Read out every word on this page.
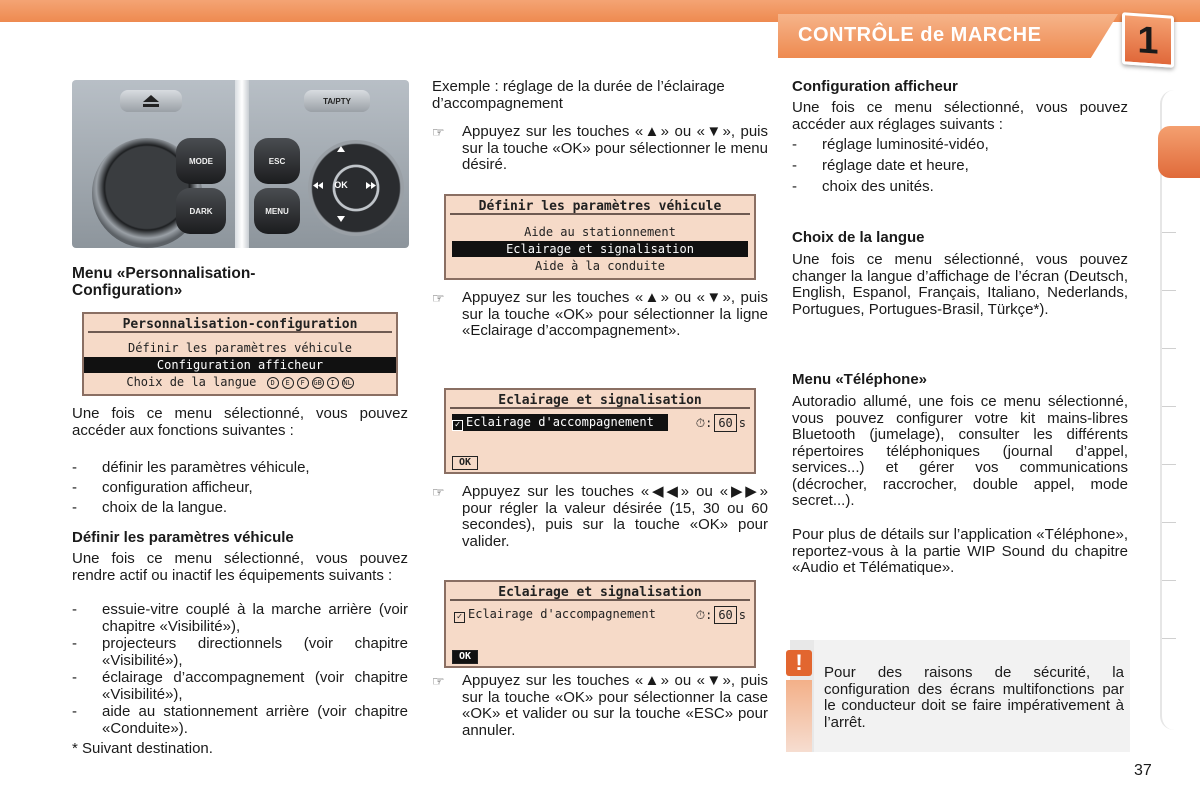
CONTRÔLE de MARCHE	1
TA/PTY
MODE
DARK
ESC
MENU
OK
Menu «Personnalisation-Configuration»
Personnalisation-configuration
Définir les paramètres véhicule
Configuration afficheur
Choix de la langue D E F GB I NL
Une fois ce menu sélectionné, vous pouvez accéder aux fonctions suivantes :
- définir les paramètres véhicule,
- configuration afficheur,
- choix de la langue.
Définir les paramètres véhicule
Une fois ce menu sélectionné, vous pouvez rendre actif ou inactif les équipements suivants :
- essuie-vitre couplé à la marche arrière (voir chapitre «Visibilité»),
- projecteurs directionnels (voir chapitre «Visibilité»),
- éclairage d’accompagnement (voir chapitre «Visibilité»),
- aide au stationnement arrière (voir chapitre «Conduite»).
* Suivant destination.
Exemple : réglage de la durée de l’éclairage d’accompagnement
☞ Appuyez sur les touches «▲» ou «▼», puis sur la touche «OK» pour sélectionner le menu désiré.
Définir les paramètres véhicule
Aide au stationnement
Eclairage et signalisation
Aide à la conduite
☞ Appuyez sur les touches «▲» ou «▼», puis sur la touche «OK» pour sélectionner la ligne «Eclairage d’accompagnement».
Eclairage et signalisation
✓ Eclairage d'accompagnement	⏱: 60 s
OK
☞ Appuyez sur les touches «◀◀» ou «▶▶» pour régler la valeur désirée (15, 30 ou 60 secondes), puis sur la touche «OK» pour valider.
Eclairage et signalisation
✓ Eclairage d'accompagnement	⏱: 60 s
OK
☞ Appuyez sur les touches «▲» ou «▼», puis sur la touche «OK» pour sélectionner la case «OK» et valider ou sur la touche «ESC» pour annuler.
Configuration afficheur
Une fois ce menu sélectionné, vous pouvez accéder aux réglages suivants :
- réglage luminosité-vidéo,
- réglage date et heure,
- choix des unités.
Choix de la langue
Une fois ce menu sélectionné, vous pouvez changer la langue d’affichage de l’écran (Deutsch, English, Espanol, Français, Italiano, Nederlands, Portugues, Portugues-Brasil, Türkçe*).
Menu «Téléphone»
Autoradio allumé, une fois ce menu sélectionné, vous pouvez configurer votre kit mains-libres Bluetooth (jumelage), consulter les différents répertoires téléphoniques (journal d’appel, services...) et gérer vos communications (décrocher, raccrocher, double appel, mode secret...).
Pour plus de détails sur l’application «Téléphone», reportez-vous à la partie WIP Sound du chapitre «Audio et Télématique».
!	Pour des raisons de sécurité, la configuration des écrans multifonctions par le conducteur doit se faire impérativement à l’arrêt.
37
